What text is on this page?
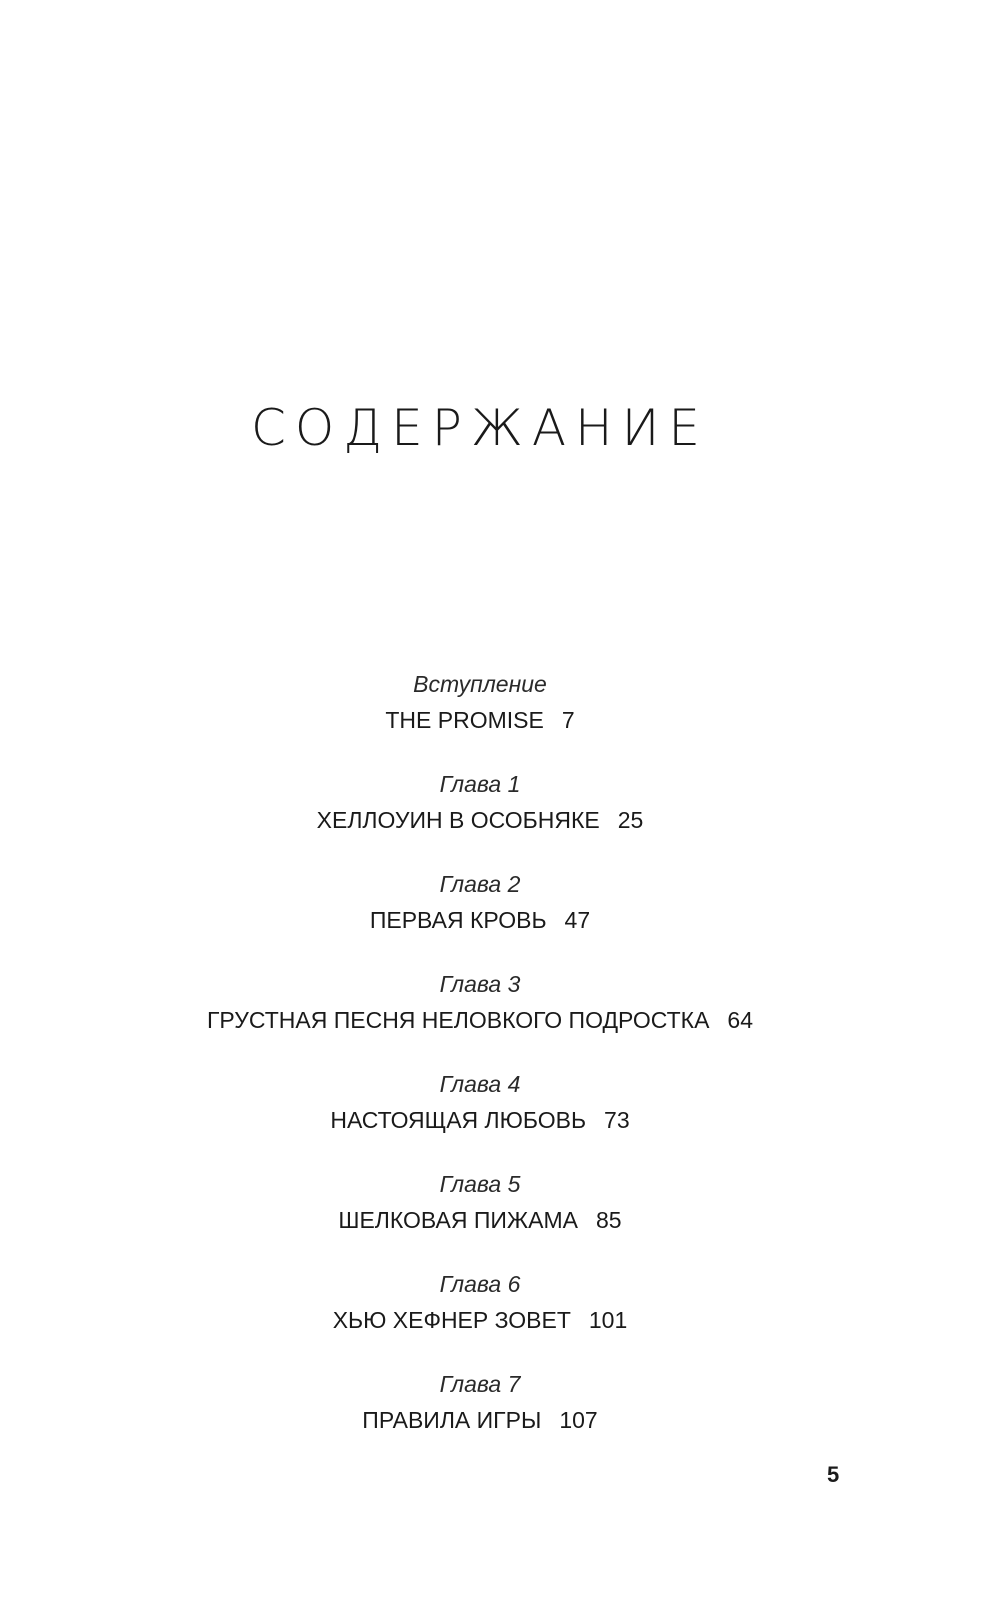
СОДЕРЖАНИЕ
Вступление
THE PROMISE 7
Глава 1
ХЕЛЛОУИН В ОСОБНЯКЕ 25
Глава 2
ПЕРВАЯ КРОВЬ 47
Глава 3
ГРУСТНАЯ ПЕСНЯ НЕЛОВКОГО ПОДРОСТКА 64
Глава 4
НАСТОЯЩАЯ ЛЮБОВЬ 73
Глава 5
ШЕЛКОВАЯ ПИЖАМА 85
Глава 6
ХЬЮ ХЕФНЕР ЗОВЕТ 101
Глава 7
ПРАВИЛА ИГРЫ 107
5
